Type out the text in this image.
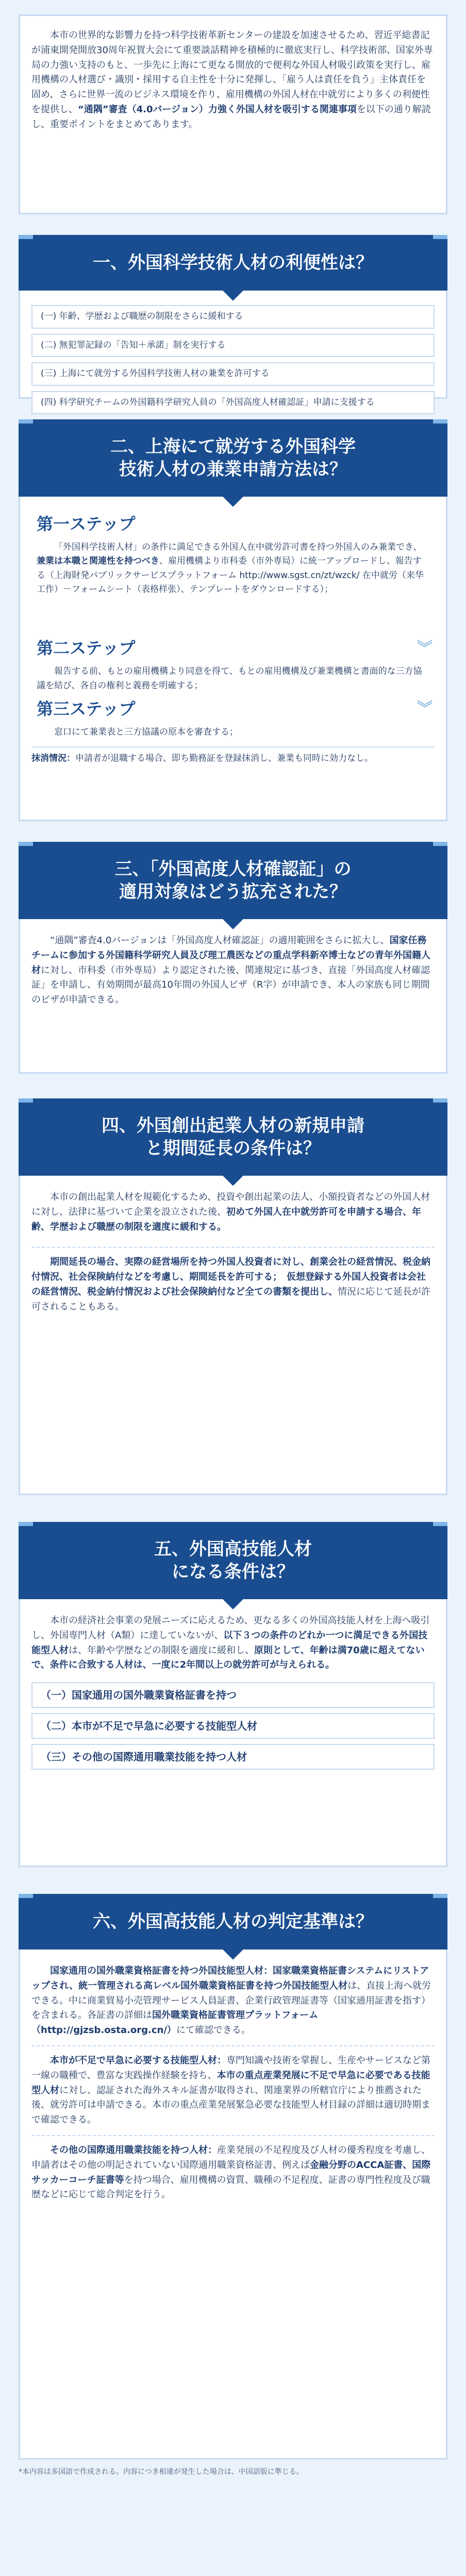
本市の世界的な影響力を持つ科学技術革新センターの建設を加速させるため、習近平総書記が浦東開発開放30周年祝賀大会にて重要談話精神を積極的に徹底実行し、科学技術部、国家外専局の力強い支持のもと、一歩先に上海にて更なる開放的で便利な外国人材吸引政策を実行し、雇用機構の人材選び・識別・採用する自主性を十分に発揮し、「雇う人は責任を負う」主体責任を固め、さらに世界一流のビジネス環境を作り、雇用機構の外国人材在中就労により多くの利便性を提供し、“通隅”審査（4.0バージョン）力強く外国人材を吸引する関連事項を以下の通り解読し、重要ポイントをまとめてあります。

一、外国科学技術人材の利便性は？
(一) 年齢、学歴および職歴の制限をさらに緩和する
(二) 無犯罪記録の「告知＋承諾」制を実行する
(三) 上海にて就労する外国科学技術人材の兼業を許可する
(四) 科学研究チームの外国籍科学研究人員の「外国高度人材確認証」申請に支援する
二、上海にて就労する外国科学
技術人材の兼業申請方法は？
第一ステップ

「外国科学技術人材」の条件に満足できる外国人在中就労許可書を持つ外国人のみ兼業でき、兼業は本職と関連性を持つべき、雇用機構より市科委（市外専局）に統一アップロードし、報告する（上海財発パブリックサービスプラットフォーム http://www.sgst.cn/zt/wzck/ 在中就労（来华工作）－フォームシート（表格样张）、テンプレートをダウンロードする）；

第二ステップ	︾

報告する前、もとの雇用機構より同意を得て、もとの雇用機構及び兼業機構と書面的な三方協議を結び、各自の権利と義務を明確する；

第三ステップ	︾

窓口にて兼業表と三方協議の原本を審査する；

抹消情況：申請者が退職する場合、即ち勤務証を登録抹消し、兼業も同時に効力なし。
三、「外国高度人材確認証」の
適用対象はどう拡充された？

“通隅”審査4.0バージョンは「外国高度人材確認証」の適用範囲をさらに拡大し、国家任務チームに参加する外国籍科学研究人員及び理工農医などの重点学科新卒博士などの青年外国籍人材に対し、市科委（市外専局）より認定された後、関連規定に基づき、直接「外国高度人材確認証」を申請し、有効期間が最高10年間の外国人ビザ（R字）が申請でき、本人の家族も同じ期間のビザが申請できる。

四、外国創出起業人材の新規申請
と期間延長の条件は？

本市の創出起業人材を規範化するため、投資や創出起業の法人、小額投資者などの外国人材に対し、法律に基づいて企業を設立された後、初めて外国人在中就労許可を申請する場合、年齢、学歴および職歴の制限を適度に緩和する。

期間延長の場合、実際の経営場所を持つ外国人投資者に対し、創業会社の経営情況、税金納付情況、社会保険納付などを考慮し、期間延長を許可する；　仮想登録する外国人投資者は会社の経営情況、税金納付情況および社会保険納付など全ての書類を提出し、情況に応じて延長が許可されることもある。

五、外国高技能人材
になる条件は？

本市の経済社会事業の発展ニーズに応えるため、更なる多くの外国高技能人材を上海へ吸引し、外国専門人材（A類）に達していないが、以下３つの条件のどれか一つに満足できる外国技能型人材は、年齢や学歴などの制限を適度に緩和し、原則として、年齢は満70歳に超えてないで、条件に合致する人材は、一度に2年間以上の就労許可が与えられる。

（一）国家通用の国外職業資格証書を持つ
（二）本市が不足で早急に必要する技能型人材
（三）その他の国際通用職業技能を持つ人材
六、外国高技能人材の判定基準は？

国家通用の国外職業資格証書を持つ外国技能型人材：国家職業資格証書システムにリストアップされ、統一管理される高レベル国外職業資格証書を持つ外国技能型人材は、直接上海へ就労できる。中に商業貿易小売管理サービス人員証書、企業行政管理証書等（国家通用証書を指す）を含まれる。各証書の詳細は国外職業資格証書管理プラットフォーム（http://gjzsb.osta.org.cn/）にて確認できる。

本市が不足で早急に必要する技能型人材：専門知識や技術を掌握し、生産やサービスなど第一線の職種で、豊富な実践操作経験を持ち、本市の重点産業発展に不足で早急に必要である技能型人材に対し、認証された海外スキル証書が取得され、関連業界の所轄官庁により推薦された後、就労許可は申請できる。本市の重点産業発展緊急必要な技能型人材目録の詳細は適切時期まで確認できる。

その他の国際通用職業技能を持つ人材：産業発展の不足程度及び人材の優秀程度を考慮し、申請者はその他の明記されていない国際通用職業資格証書、例えば金融分野のACCA証書、国際サッカーコーチ証書等を持つ場合、雇用機構の資質、職種の不足程度、証書の専門性程度及び職歴などに応じて総合判定を行う。

*本内容は多国語で作成される。内容につき相違が発生した場合は、中国語版に準じる。
